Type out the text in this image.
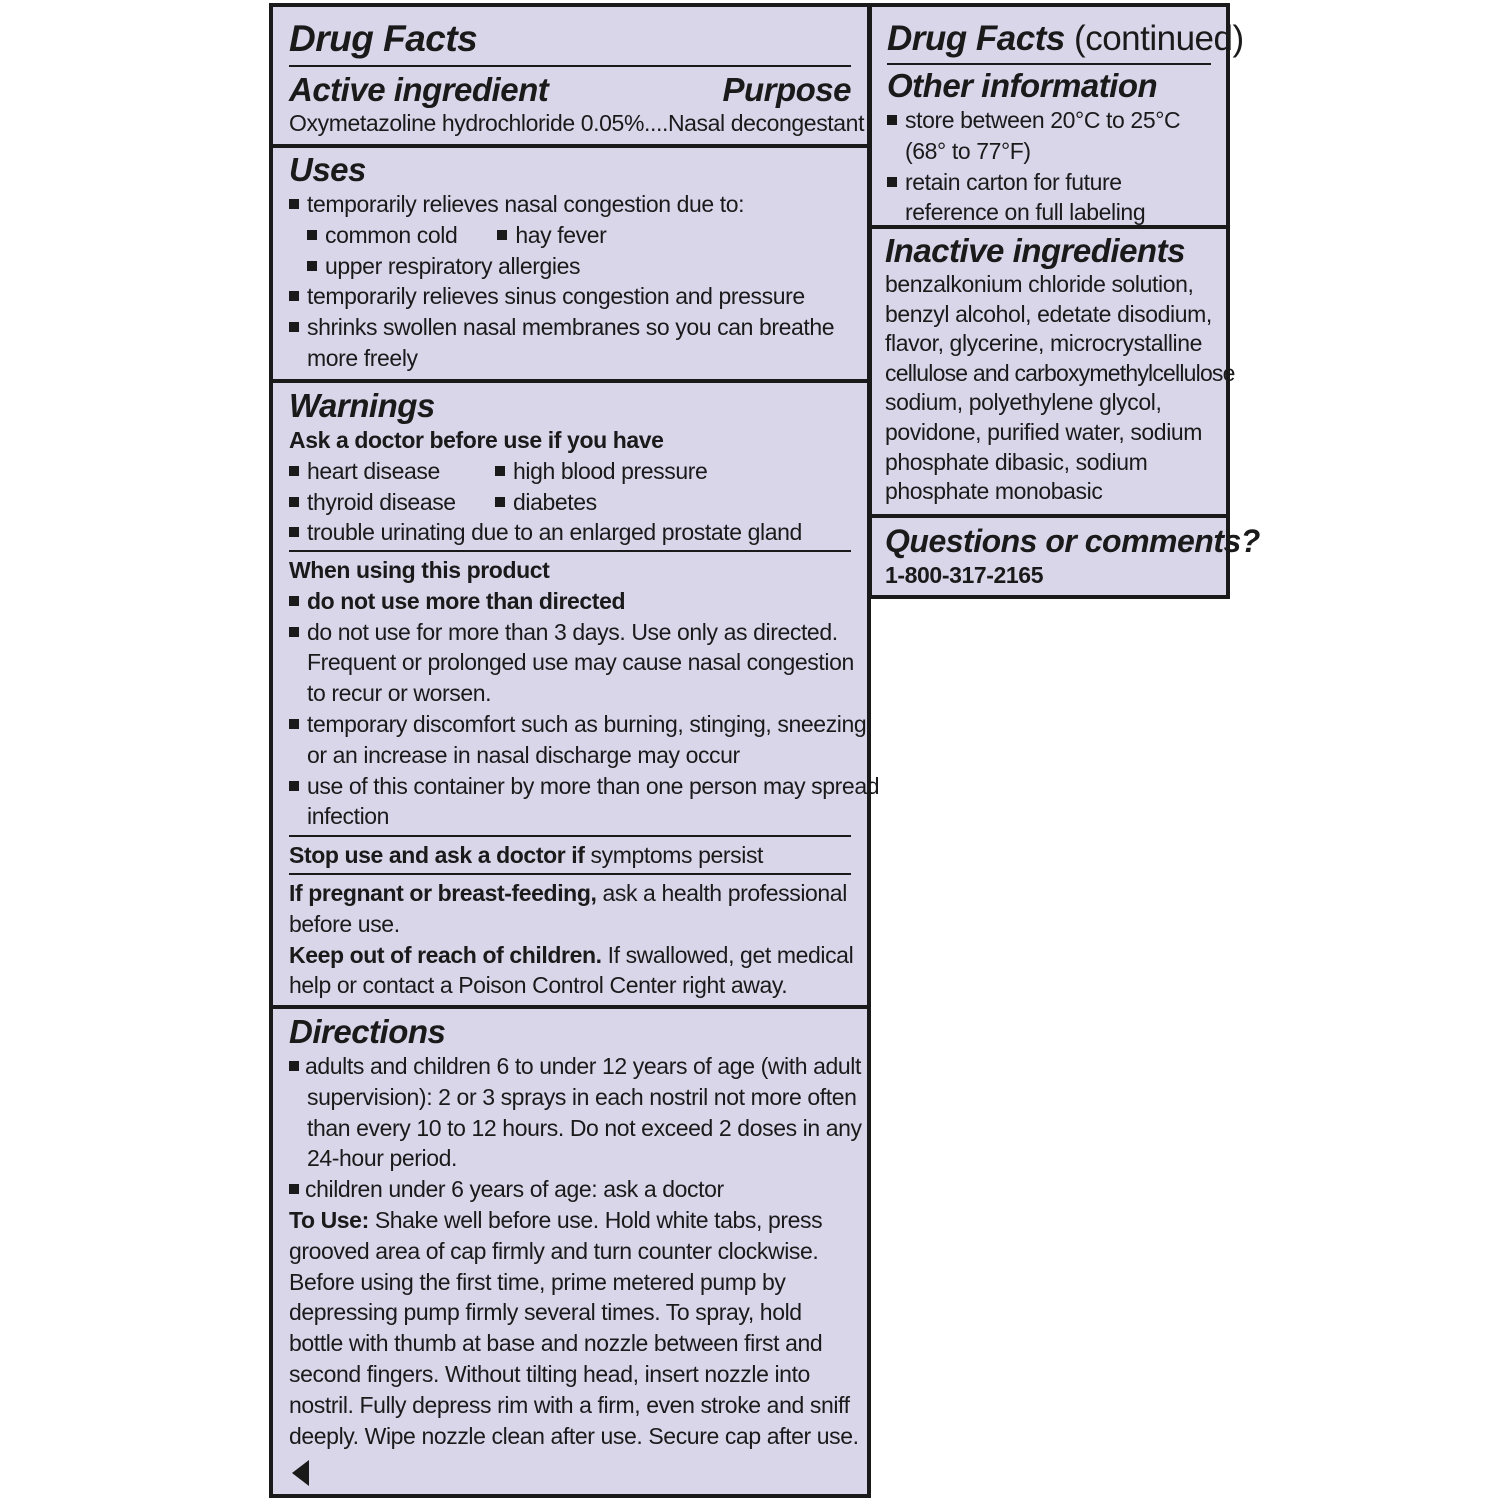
Drug Facts
Active ingredient	Purpose
Oxymetazoline hydrochloride 0.05%....Nasal decongestant
Uses
temporarily relieves nasal congestion due to:
common cold	hay fever
upper respiratory allergies
temporarily relieves sinus congestion and pressure
shrinks swollen nasal membranes so you can breathe
more freely
Warnings
Ask a doctor before use if you have
heart disease	high blood pressure
thyroid disease diabetes
trouble urinating due to an enlarged prostate gland
When using this product
do not use more than directed
do not use for more than 3 days. Use only as directed.
Frequent or prolonged use may cause nasal congestion
to recur or worsen.
temporary discomfort such as burning, stinging, sneezing
or an increase in nasal discharge may occur
use of this container by more than one person may spread
infection
Stop use and ask a doctor if symptoms persist
If pregnant or breast-feeding, ask a health professional
before use.
Keep out of reach of children. If swallowed, get medical
help or contact a Poison Control Center right away.
Directions
adults and children 6 to under 12 years of age (with adult
supervision): 2 or 3 sprays in each nostril not more often
than every 10 to 12 hours. Do not exceed 2 doses in any
24-hour period.
children under 6 years of age: ask a doctor
To Use: Shake well before use. Hold white tabs, press
grooved area of cap firmly and turn counter clockwise.
Before using the first time, prime metered pump by
depressing pump firmly several times. To spray, hold
bottle with thumb at base and nozzle between first and
second fingers. Without tilting head, insert nozzle into
nostril. Fully depress rim with a firm, even stroke and sniff
deeply. Wipe nozzle clean after use. Secure cap after use.
Drug Facts (continued)
Other information
store between 20°C to 25°C
(68° to 77°F)
retain carton for future
reference on full labeling
Inactive ingredients
benzalkonium chloride solution,
benzyl alcohol, edetate disodium,
flavor, glycerine, microcrystalline
cellulose and carboxymethylcellulose
sodium, polyethylene glycol,
povidone, purified water, sodium
phosphate dibasic, sodium
phosphate monobasic
Questions or comments?
1-800-317-2165
